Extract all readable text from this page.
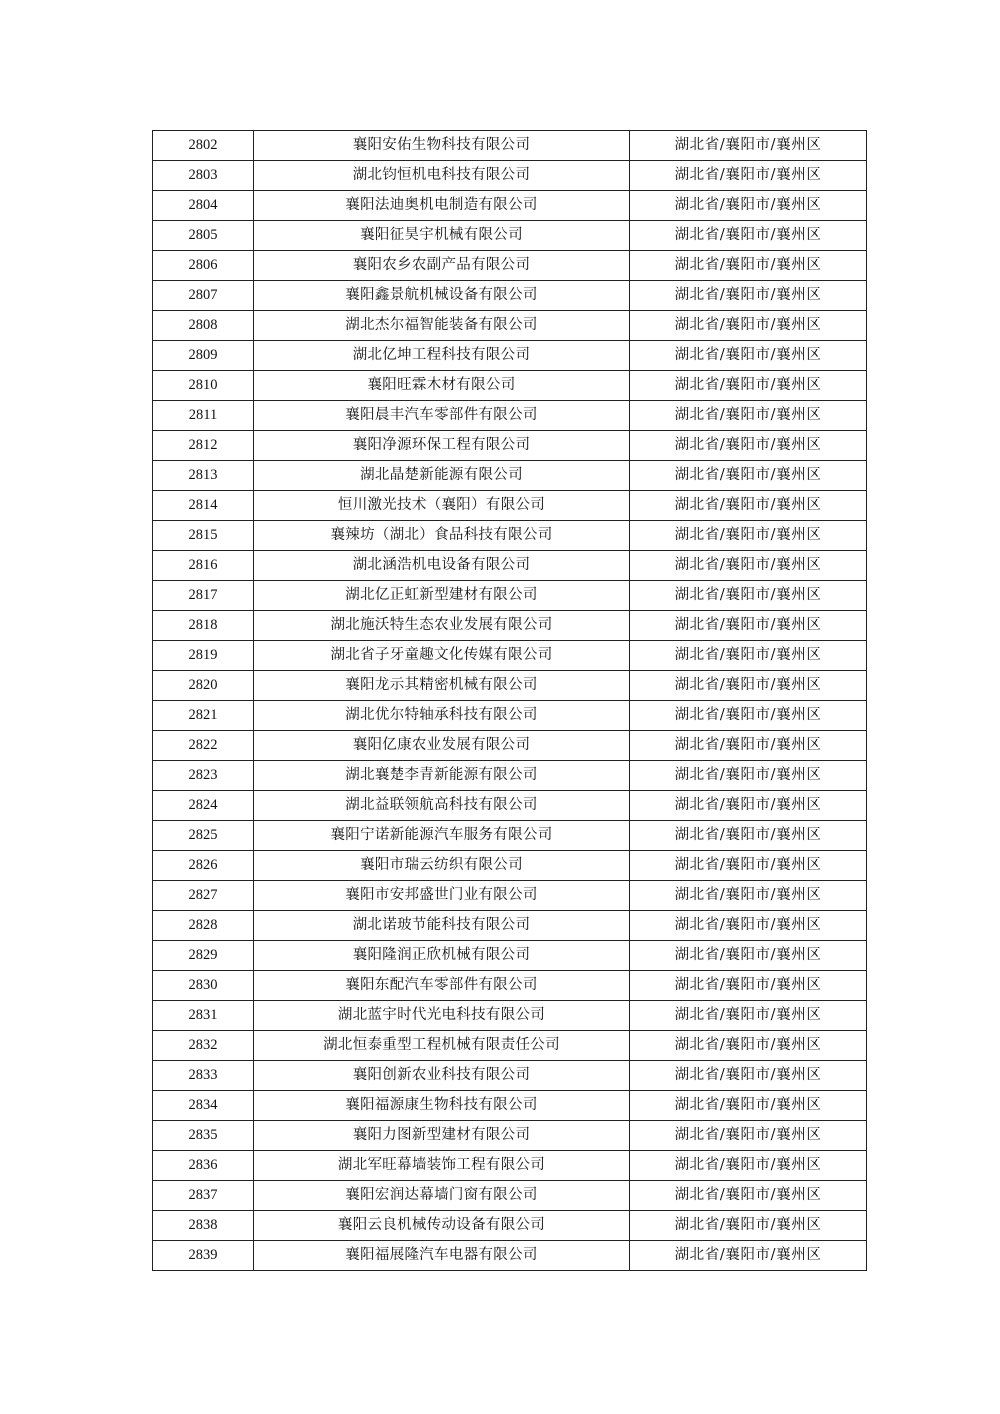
2802	襄阳安佑生物科技有限公司	湖北省/襄阳市/襄州区
2803	湖北钧恒机电科技有限公司	湖北省/襄阳市/襄州区
2804	襄阳法迪奥机电制造有限公司	湖北省/襄阳市/襄州区
2805	襄阳征昊宇机械有限公司	湖北省/襄阳市/襄州区
2806	襄阳农乡农副产品有限公司	湖北省/襄阳市/襄州区
2807	襄阳鑫景航机械设备有限公司	湖北省/襄阳市/襄州区
2808	湖北杰尔福智能装备有限公司	湖北省/襄阳市/襄州区
2809	湖北亿坤工程科技有限公司	湖北省/襄阳市/襄州区
2810	襄阳旺霖木材有限公司	湖北省/襄阳市/襄州区
2811	襄阳晨丰汽车零部件有限公司	湖北省/襄阳市/襄州区
2812	襄阳净源环保工程有限公司	湖北省/襄阳市/襄州区
2813	湖北晶楚新能源有限公司	湖北省/襄阳市/襄州区
2814	恒川激光技术（襄阳）有限公司	湖北省/襄阳市/襄州区
2815	襄辣坊（湖北）食品科技有限公司	湖北省/襄阳市/襄州区
2816	湖北涵浩机电设备有限公司	湖北省/襄阳市/襄州区
2817	湖北亿正虹新型建材有限公司	湖北省/襄阳市/襄州区
2818	湖北施沃特生态农业发展有限公司	湖北省/襄阳市/襄州区
2819	湖北省子牙童趣文化传媒有限公司	湖北省/襄阳市/襄州区
2820	襄阳龙示其精密机械有限公司	湖北省/襄阳市/襄州区
2821	湖北优尔特轴承科技有限公司	湖北省/襄阳市/襄州区
2822	襄阳亿康农业发展有限公司	湖北省/襄阳市/襄州区
2823	湖北襄楚李青新能源有限公司	湖北省/襄阳市/襄州区
2824	湖北益联领航高科技有限公司	湖北省/襄阳市/襄州区
2825	襄阳宁诺新能源汽车服务有限公司	湖北省/襄阳市/襄州区
2826	襄阳市瑞云纺织有限公司	湖北省/襄阳市/襄州区
2827	襄阳市安邦盛世门业有限公司	湖北省/襄阳市/襄州区
2828	湖北诺玻节能科技有限公司	湖北省/襄阳市/襄州区
2829	襄阳隆润正欣机械有限公司	湖北省/襄阳市/襄州区
2830	襄阳东配汽车零部件有限公司	湖北省/襄阳市/襄州区
2831	湖北蓝宇时代光电科技有限公司	湖北省/襄阳市/襄州区
2832	湖北恒泰重型工程机械有限责任公司	湖北省/襄阳市/襄州区
2833	襄阳创新农业科技有限公司	湖北省/襄阳市/襄州区
2834	襄阳福源康生物科技有限公司	湖北省/襄阳市/襄州区
2835	襄阳力图新型建材有限公司	湖北省/襄阳市/襄州区
2836	湖北军旺幕墙装饰工程有限公司	湖北省/襄阳市/襄州区
2837	襄阳宏润达幕墙门窗有限公司	湖北省/襄阳市/襄州区
2838	襄阳云良机械传动设备有限公司	湖北省/襄阳市/襄州区
2839	襄阳福展隆汽车电器有限公司	湖北省/襄阳市/襄州区
